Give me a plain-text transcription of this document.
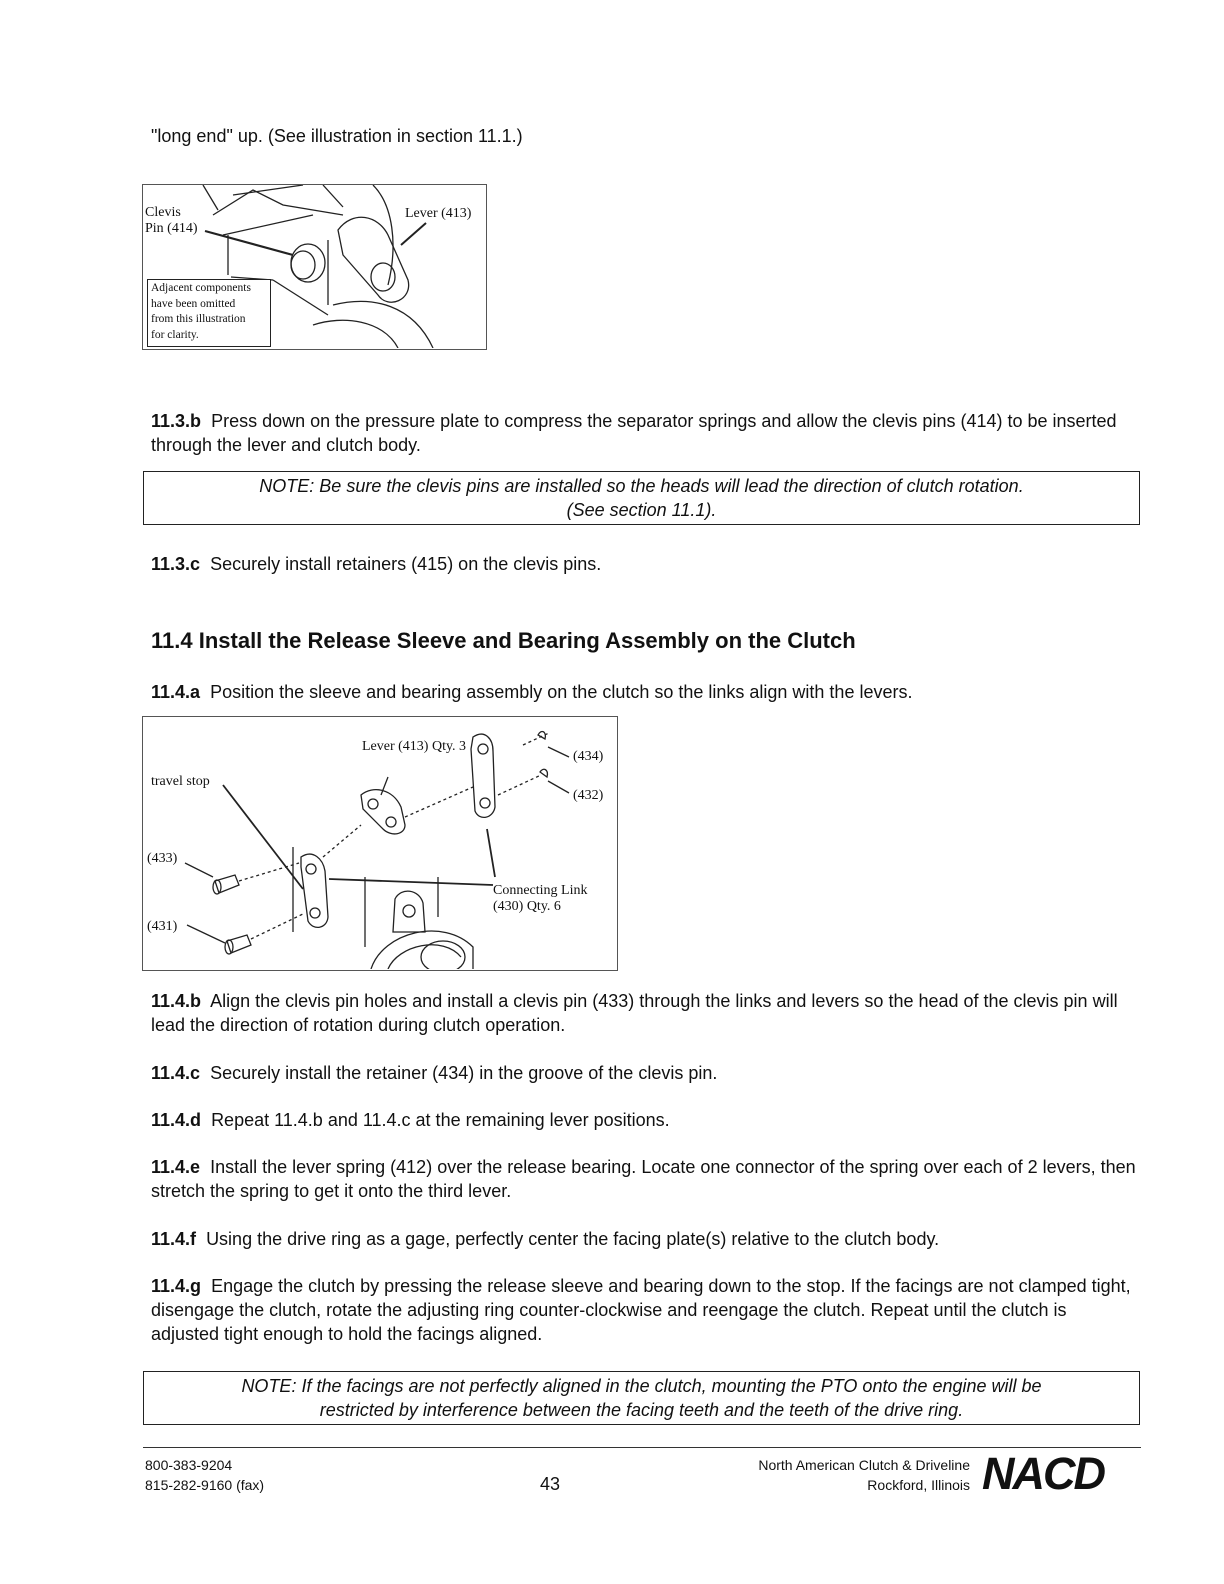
"long end" up. (See illustration in section 11.1.)
Clevis
Pin (414)
Lever (413)
Adjacent components
have been omitted
from this illustration
for clarity.
11.3.b Press down on the pressure plate to compress the separator springs and allow the clevis pins (414) to be inserted through the lever and clutch body.
NOTE: Be sure the clevis pins are installed so the heads will lead the direction of clutch rotation.
(See section 11.1).
11.3.c Securely install retainers (415) on the clevis pins.
11.4 Install the Release Sleeve and Bearing Assembly on the Clutch
11.4.a Position the sleeve and bearing assembly on the clutch so the links align with the levers.
Lever (413) Qty. 3
(434)
(432)
travel stop
(433)
(431)
Connecting Link
(430) Qty. 6
11.4.b Align the clevis pin holes and install a clevis pin (433) through the links and levers so the head of the clevis pin will lead the direction of rotation during clutch operation.
11.4.c Securely install the retainer (434) in the groove of the clevis pin.
11.4.d Repeat 11.4.b and 11.4.c at the remaining lever positions.
11.4.e Install the lever spring (412) over the release bearing. Locate one connector of the spring over each of 2 levers, then stretch the spring to get it onto the third lever.
11.4.f Using the drive ring as a gage, perfectly center the facing plate(s) relative to the clutch body.
11.4.g Engage the clutch by pressing the release sleeve and bearing down to the stop. If the facings are not clamped tight, disengage the clutch, rotate the adjusting ring counter-clockwise and reengage the clutch. Repeat until the clutch is adjusted tight enough to hold the facings aligned.
NOTE: If the facings are not perfectly aligned in the clutch, mounting the PTO onto the engine will be
restricted by interference between the facing teeth and the teeth of the drive ring.
800-383-9204
815-282-9160 (fax)	43
North American Clutch & Driveline
Rockford, Illinois NACD
